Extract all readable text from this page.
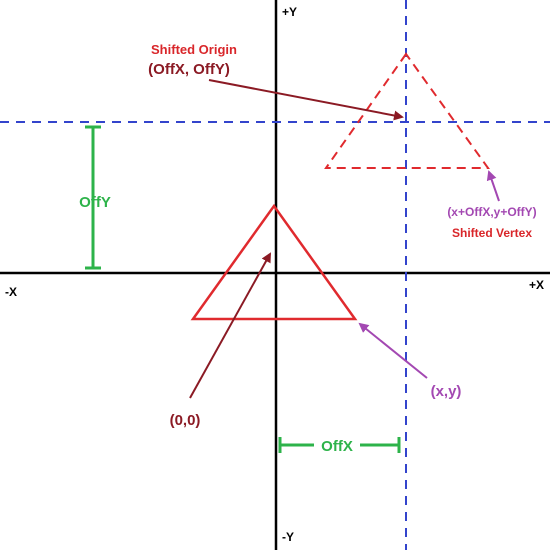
+Y
-Y
-X	+X
Shifted Origin
(OffX, OffY)
(x+OffX,y+OffY)
Shifted Vertex
OffY
OffX
(0,0)
(x,y)
